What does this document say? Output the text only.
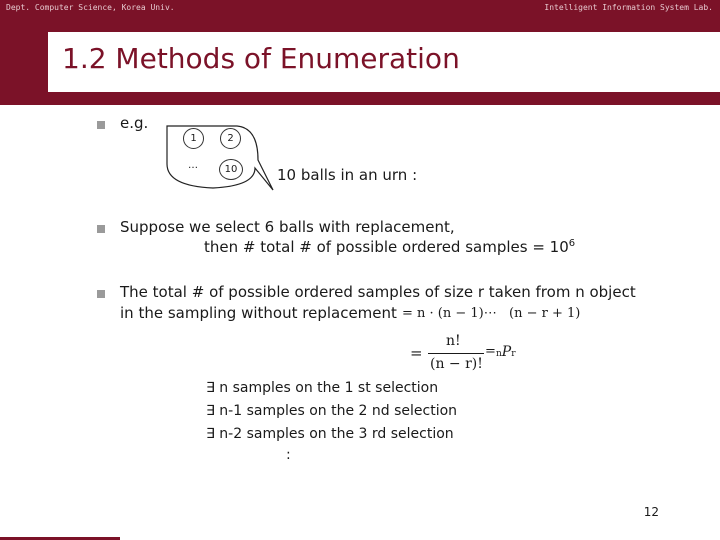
Dept. Computer Science, Korea Univ.	Intelligent Information System Lab.
1.2 Methods of Enumeration
e.g.
1	2
…	10	10 balls in an urn :
Suppose we select 6 balls with replacement,
then # total # of possible ordered samples = $10^6$
The total # of possible ordered samples of size r taken from n object
in the sampling without replacement = n · (n − 1)⋯ (n − r + 1)
=
n!
(n − r)!
= nPr
∃ n samples on the 1 st selection
∃ n-1 samples on the 2 nd selection
∃ n-2 samples on the 3 rd selection
:
12
